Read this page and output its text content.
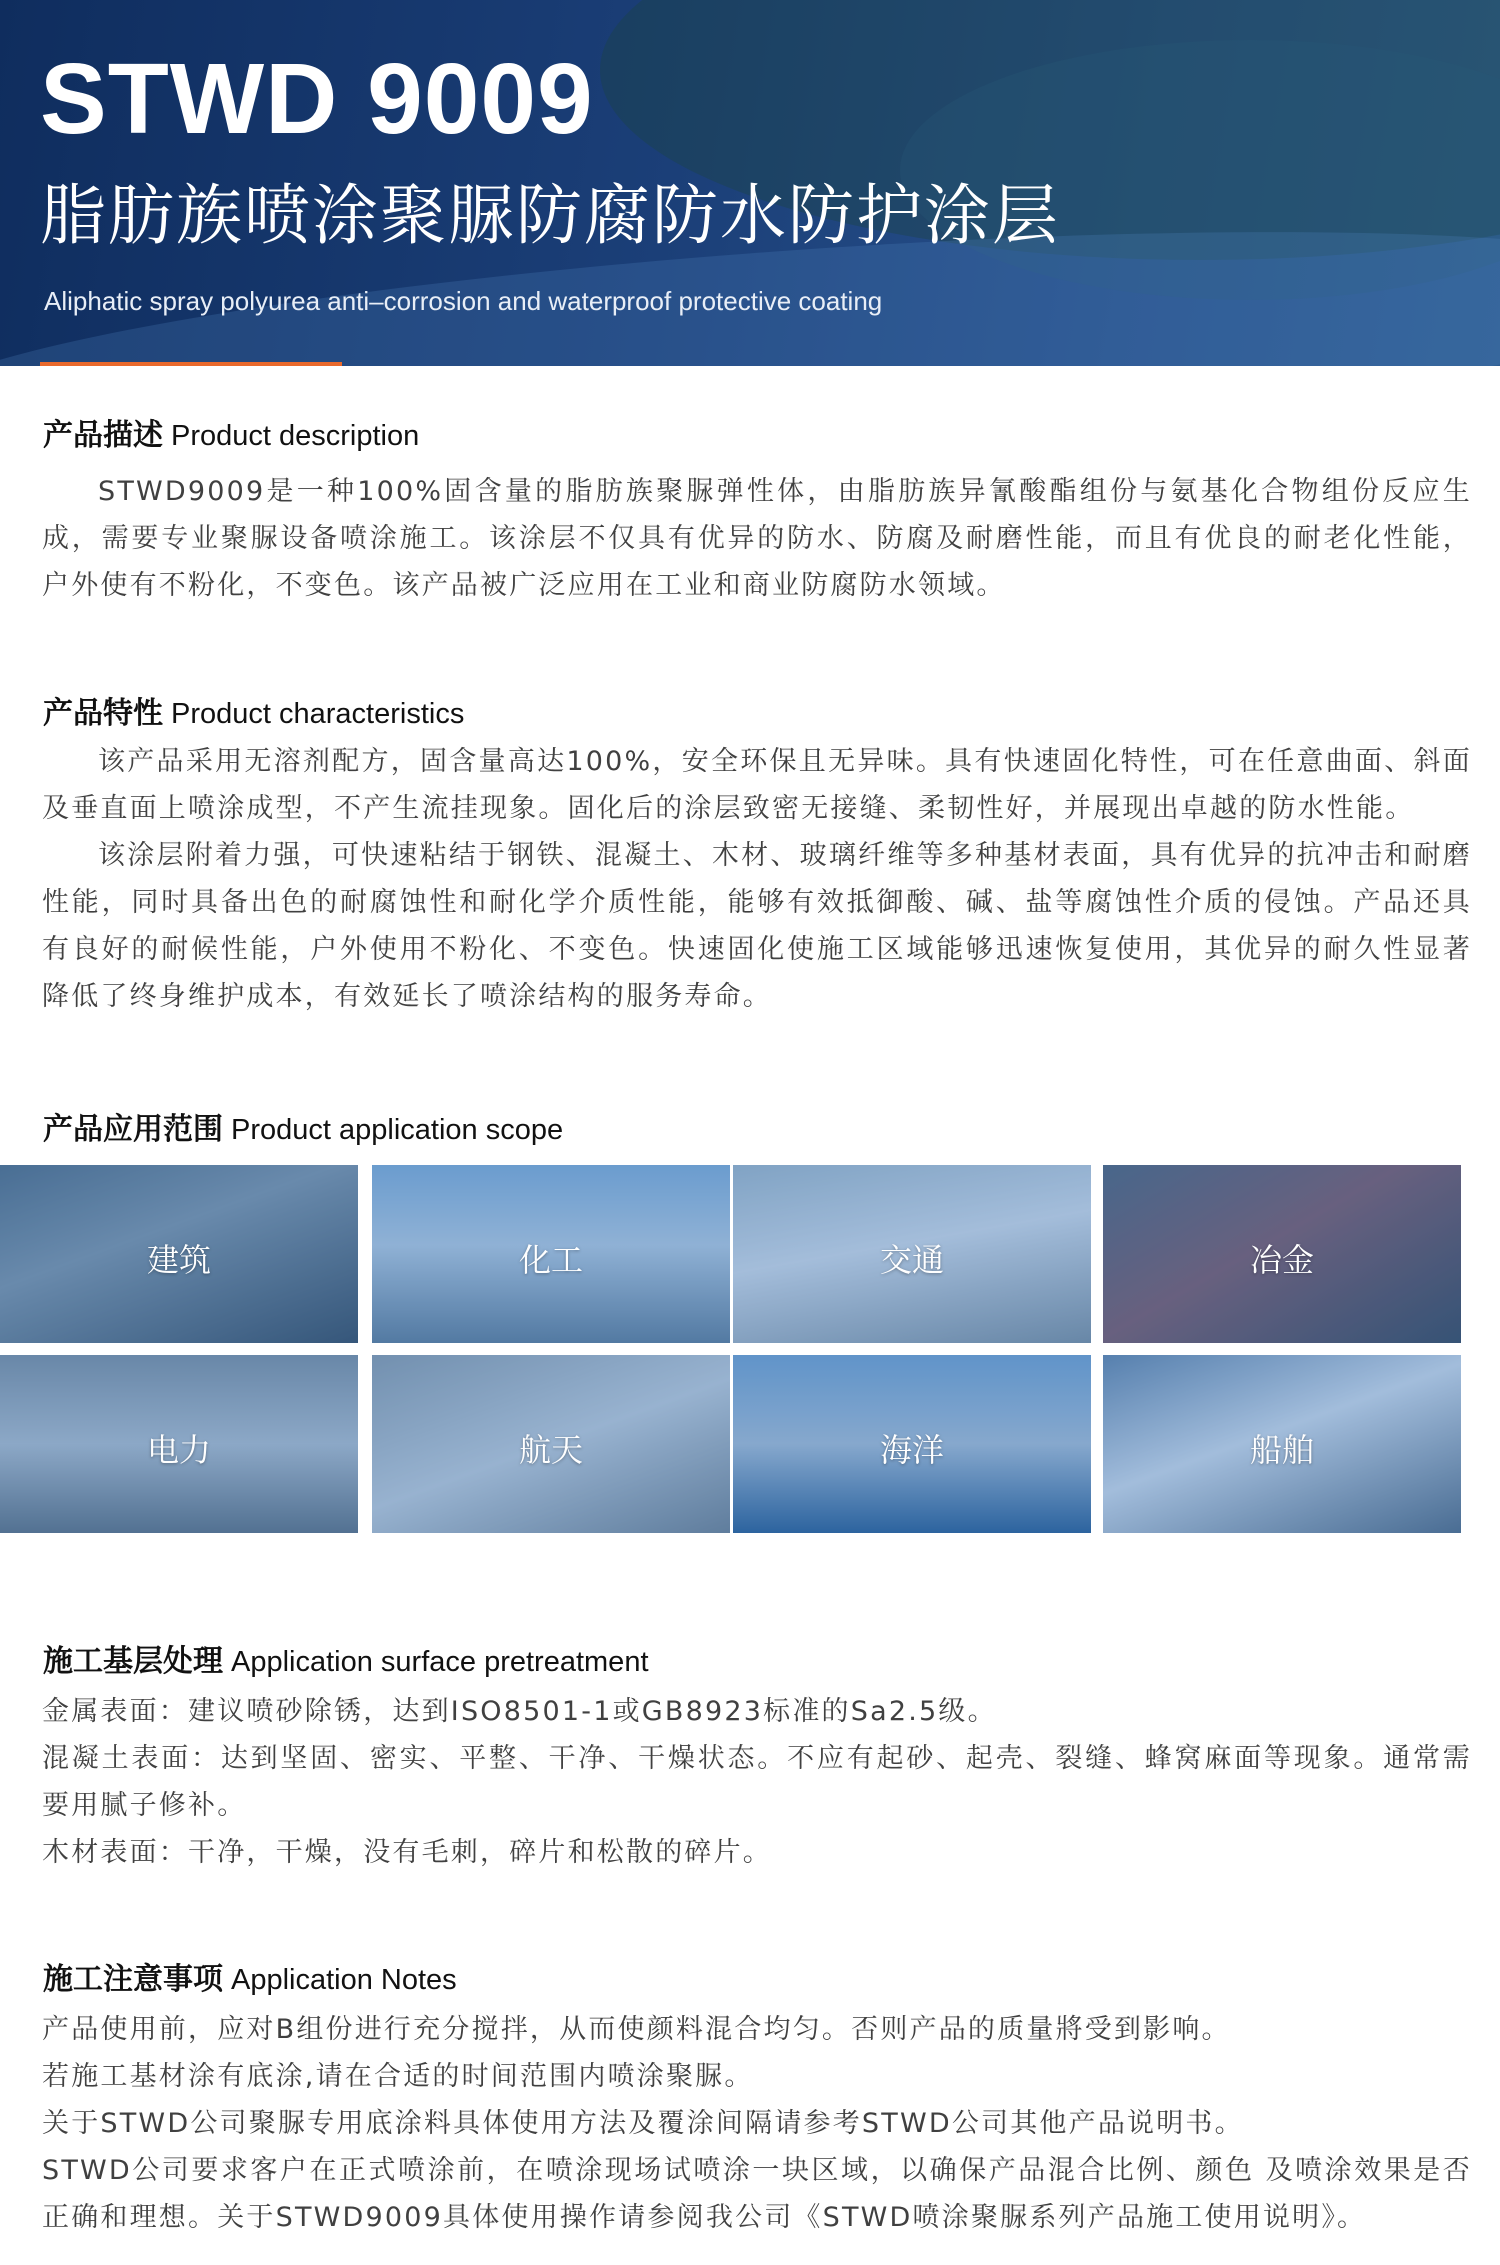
STWD 9009
脂肪族喷涂聚脲防腐防水防护涂层
Aliphatic spray polyurea anti–corrosion and waterproof protective coating
产品描述 Product description

STWD9009是一种100%固含量的脂肪族聚脲弹性体，由脂肪族异氰酸酯组份与氨基化合物组份反应生成，需要专业聚脲设备喷涂施工。该涂层不仅具有优异的防水、防腐及耐磨性能，而且有优良的耐老化性能，户外使有不粉化，不变色。该产品被广泛应用在工业和商业防腐防水领域。

产品特性 Product characteristics

该产品采用无溶剂配方，固含量高达100%，安全环保且无异味。具有快速固化特性，可在任意曲面、斜面及垂直面上喷涂成型，不产生流挂现象。固化后的涂层致密无接缝、柔韧性好，并展现出卓越的防水性能。

该涂层附着力强，可快速粘结于钢铁、混凝土、木材、玻璃纤维等多种基材表面，具有优异的抗冲击和耐磨性能，同时具备出色的耐腐蚀性和耐化学介质性能，能够有效抵御酸、碱、盐等腐蚀性介质的侵蚀。产品还具有良好的耐候性能，户外使用不粉化、不变色。快速固化使施工区域能够迅速恢复使用，其优异的耐久性显著降低了终身维护成本，有效延长了喷涂结构的服务寿命。

产品应用范围 Product application scope
建筑	化工	交通	冶金
电力	航天	海洋	船舶
施工基层处理 Application surface pretreatment

金属表面：建议喷砂除锈，达到ISO8501-1或GB8923标准的Sa2.5级。

混凝土表面：达到坚固、密实、平整、干净、干燥状态。不应有起砂、起壳、裂缝、蜂窝麻面等现象。通常需要用腻子修补。

木材表面：干净，干燥，没有毛刺，碎片和松散的碎片。

施工注意事项 Application Notes

产品使用前，应对B组份进行充分搅拌，从而使颜料混合均匀。否则产品的质量將受到影响。

若施工基材涂有底涂,请在合适的时间范围内喷涂聚脲。

关于STWD公司聚脲专用底涂料具体使用方法及覆涂间隔请参考STWD公司其他产品说明书。

STWD公司要求客户在正式喷涂前，在喷涂现场试喷涂一块区域，以确保产品混合比例、颜色 及喷涂效果是否正确和理想。关于STWD9009具体使用操作请参阅我公司《STWD喷涂聚脲系列产品施工使用说明》。
